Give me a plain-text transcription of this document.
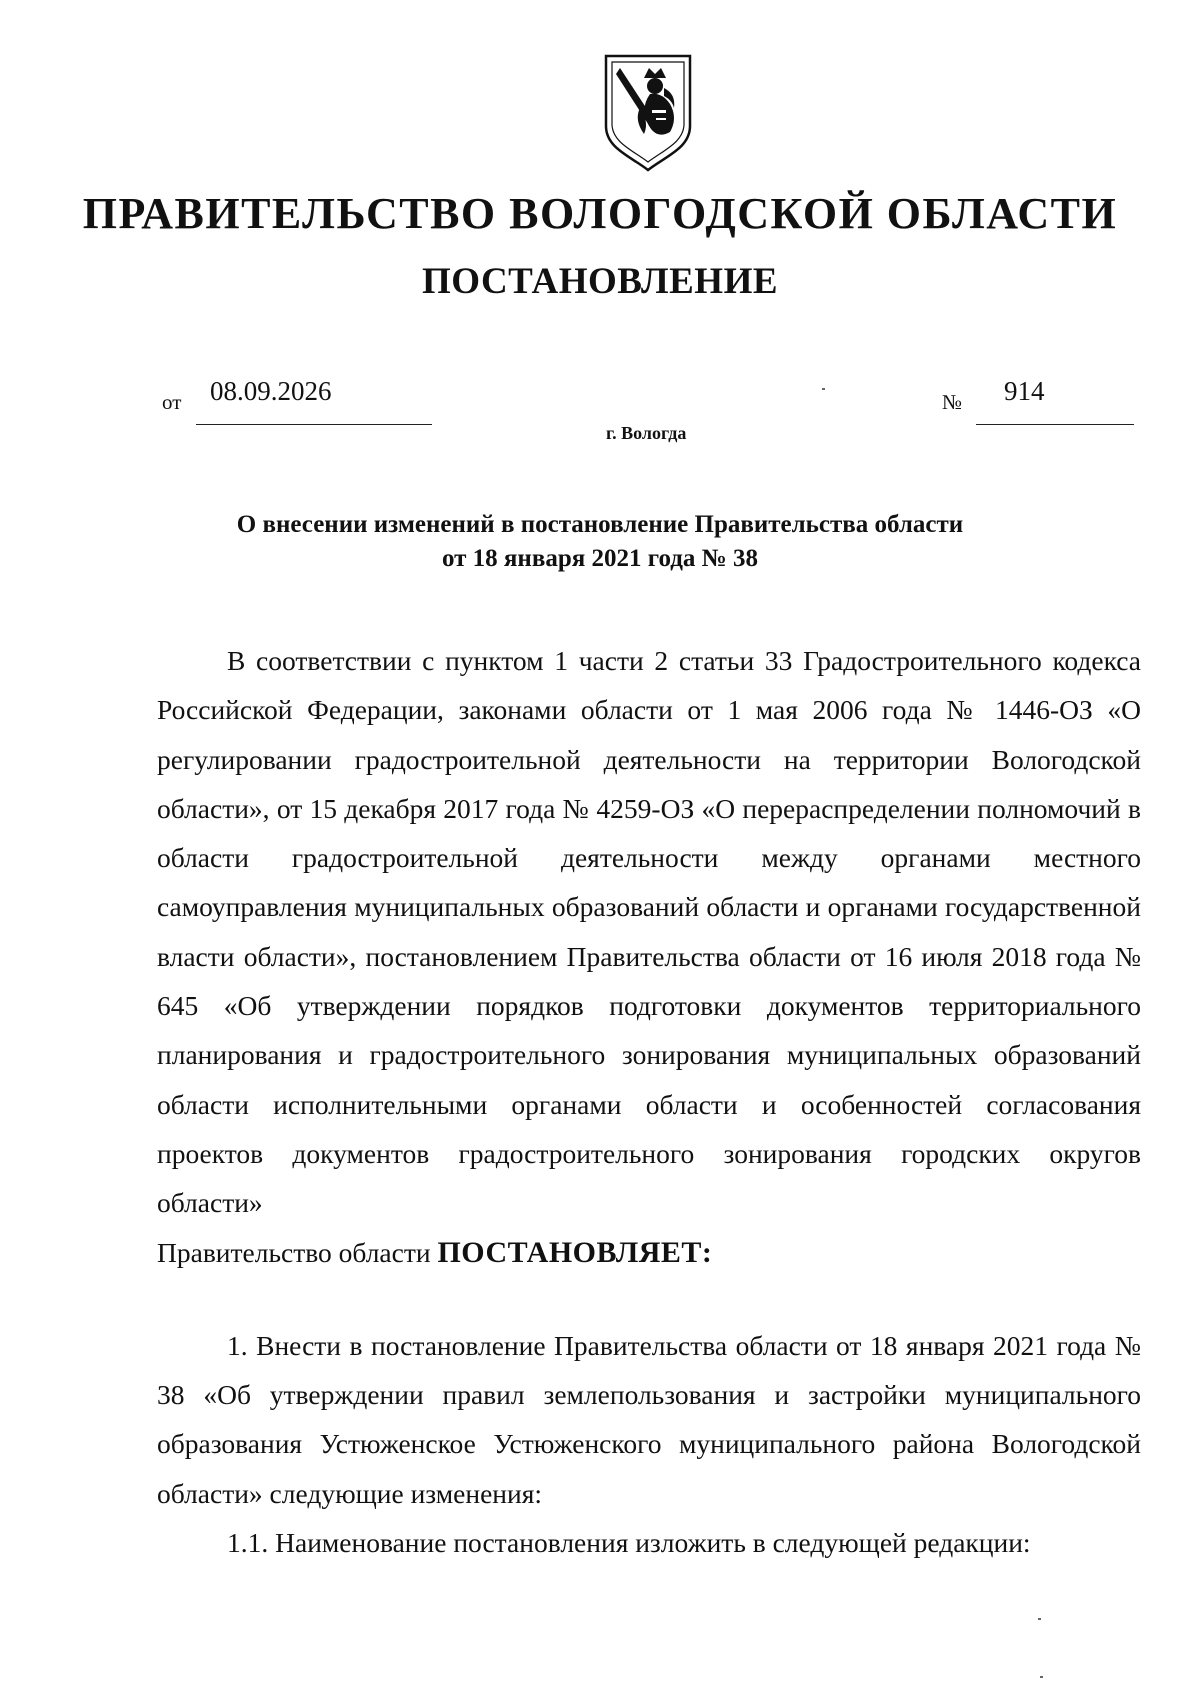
ПРАВИТЕЛЬСТВО ВОЛОГОДСКОЙ ОБЛАСТИ
ПОСТАНОВЛЕНИЕ
от 08.09.2026	№ 914
г. Вологда
О внесении изменений в постановление Правительства области
от 18 января 2021 года № 38

В соответствии с пунктом 1 части 2 статьи 33 Градостроительного кодекса Российской Федерации, законами области от 1 мая 2006 года № 1446-ОЗ «О регулировании градостроительной деятельности на территории Вологодской области», от 15 декабря 2017 года № 4259-ОЗ «О перераспределении полномочий в области градостроительной деятельности между органами местного самоуправления муниципальных образований области и органами государственной власти области», постановлением Правительства области от 16 июля 2018 года № 645 «Об утверждении порядков подготовки документов территориального планирования и градостроительного зонирования муниципальных образований области исполнительными органами области и особенностей согласования проектов документов градостроительного зонирования городских округов области»

Правительство области ПОСТАНОВЛЯЕТ:

1. Внести в постановление Правительства области от 18 января 2021 года № 38 «Об утверждении правил землепользования и застройки муниципального образования Устюженское Устюженского муниципального района Вологодской области» следующие изменения:

1.1. Наименование постановления изложить в следующей редакции:
